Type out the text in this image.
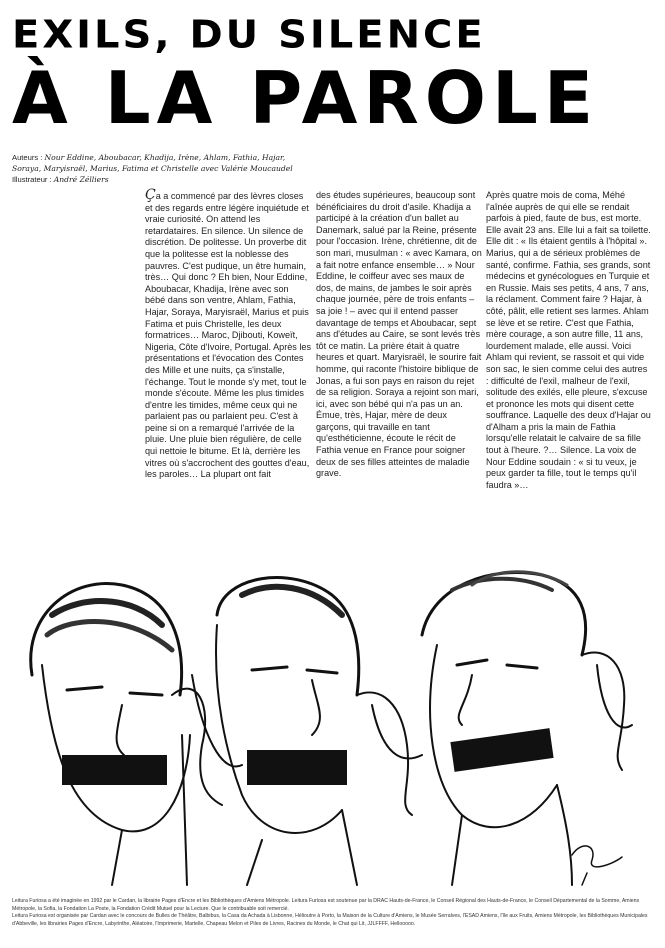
EXILS, DU SILENCE
À LA PAROLE
Auteurs : Nour Eddine, Aboubacar, Khadija, Irène, Ahlam, Fathia, Hajar, Soraya, Maryisraël, Marius, Fatima et Christelle avec Valérie Moucaudel
Illustrateur : André Zélliers

Ça a commencé par des lèvres closes et des regards entre légère inquiétude et vraie curiosité. On attend les retardataires. En silence. Un silence de discrétion. De politesse. Un proverbe dit que la politesse est la noblesse des pauvres. C'est pudique, un être humain, très… Qui donc ? Eh bien, Nour Eddine, Aboubacar, Khadija, Irène avec son bébé dans son ventre, Ahlam, Fathia, Hajar, Soraya, Maryisraël, Marius et puis Fatima et puis Christelle, les deux formatrices… Maroc, Djibouti, Koweït, Nigeria, Côte d'Ivoire, Portugal. Après les présentations et l'évocation des Contes des Mille et une nuits, ça s'installe, l'échange. Tout le monde s'y met, tout le monde s'écoute. Même les plus timides d'entre les timides, même ceux qui ne parlaient pas ou parlaient peu. C'est à peine si on a remarqué l'arrivée de la pluie. Une pluie bien régulière, de celle qui nettoie le bitume. Et là, derrière les vitres où s'accrochent des gouttes d'eau, les paroles… La plupart ont fait

des études supérieures, beaucoup sont bénéficiaires du droit d'asile. Khadija a participé à la création d'un ballet au Danemark, salué par la Reine, présente pour l'occasion. Irène, chrétienne, dit de son mari, musulman : « avec Kamara, on a fait notre enfance ensemble… » Nour Eddine, le coiffeur avec ses maux de dos, de mains, de jambes le soir après chaque journée, père de trois enfants – sa joie ! – avec qui il entend passer davantage de temps et Aboubacar, sept ans d'études au Caire, se sont levés très tôt ce matin. La prière était à quatre heures et quart. Maryisraël, le sourire fait homme, qui raconte l'histoire biblique de Jonas, a fui son pays en raison du rejet de sa religion. Soraya a rejoint son mari, ici, avec son bébé qui n'a pas un an. Émue, très, Hajar, mère de deux garçons, qui travaille en tant qu'esthéticienne, écoute le récit de Fathia venue en France pour soigner deux de ses filles atteintes de maladie grave.

Après quatre mois de coma, Méhé l'aînée auprès de qui elle se rendait parfois à pied, faute de bus, est morte. Elle avait 23 ans. Elle lui a fait sa toilette. Elle dit : « Ils étaient gentils à l'hôpital ». Marius, qui a de sérieux problèmes de santé, confirme. Fathia, ses grands, sont médecins et gynécologues en Turquie et en Russie. Mais ses petits, 4 ans, 7 ans, la réclament. Comment faire ? Hajar, à côté, pâlit, elle retient ses larmes. Ahlam se lève et se retire. C'est que Fathia, mère courage, a son autre fille, 11 ans, lourdement malade, elle aussi. Voici Ahlam qui revient, se rassoit et qui vide son sac, le sien comme celui des autres : difficulté de l'exil, malheur de l'exil, solitude des exilés, elle pleure, s'excuse et prononce les mots qui disent cette souffrance. Laquelle des deux d'Hajar ou d'Alham a pris la main de Fathia lorsqu'elle relatait le calvaire de sa fille tout à l'heure. ?… Silence. La voix de Nour Eddine soudain : « si tu veux, je peux garder ta fille, tout le temps qu'il faudra »…

Leitura Furiosa a été imaginée en 1992 par le Cardan, la librairie Pages d'Encre et les Bibliothèques d'Amiens Métropole. Leitura Furiosa est soutenue par la DRAC Hauts-de-France, le Conseil Régional des Hauts-de-France, le Conseil Départemental de la Somme, Amiens Métropole, la Sofia, la Fondation La Poste, la Fondation Crédit Mutuel pour la Lecture. Que le contribuable soit remercié.

Leitura Furiosa est organisée par Cardan avec le concours de Bulles de Théâtre, Balbibus, la Casa da Achada à Lisbonne, Hélioutre à Porto, la Maison de la Culture d'Amiens, le Musée Serralves, l'ESAD Amiens, l'île aux Fruits, Amiens Métropole, les Bibliothèques Municipales d'Abbeville, les librairies Pages d'Encre, Labyrinthe, Aléatoire, l'Imprimerie, Martelle, Chapeau Melon et Piles de Livres, Racines du Monde, le Chat qui Lit, JJLFFFF, Hellooooo.
